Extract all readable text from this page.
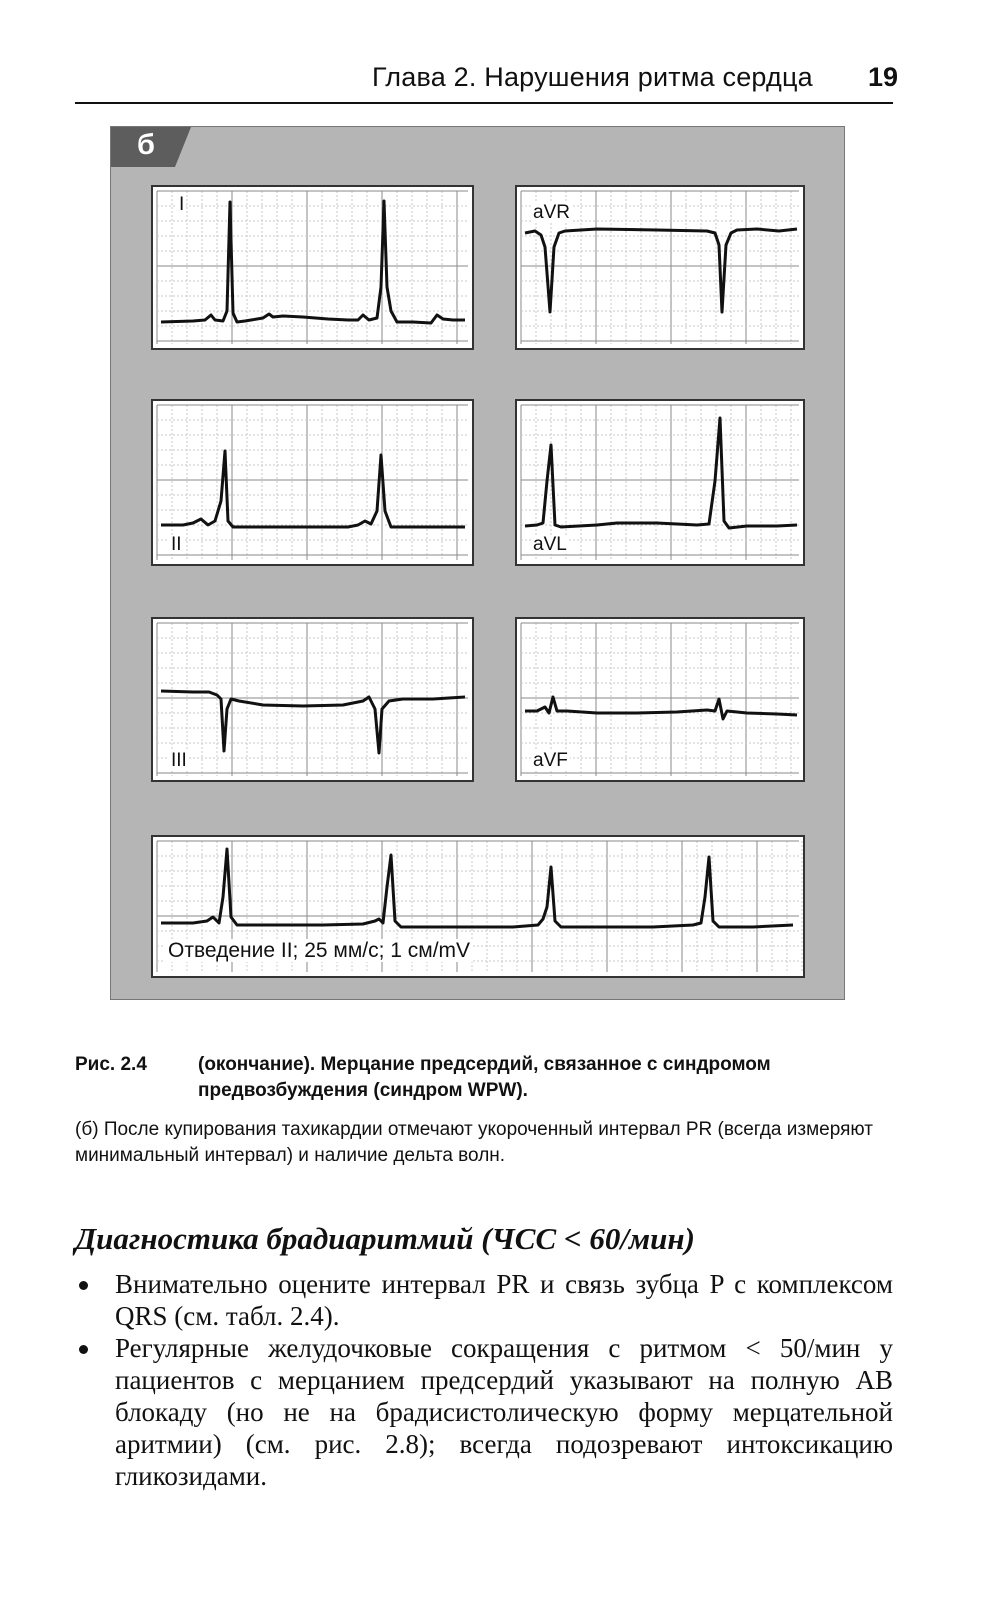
Глава 2. Нарушения ритма сердца 19
б
I	aVR
II	aVL
III	aVF
Отведение II; 25 мм/с; 1 см/mV
Рис. 2.4	(окончание). Мерцание предсердий, связанное с синдромом предвозбуждения (синдром WPW).
(б) После купирования тахикардии отмечают укороченный интервал PR (всегда измеряют минимальный интервал) и наличие дельта волн.
Диагностика брадиаритмий (ЧСС < 60/мин)
Внимательно оцените интервал PR и связь зубца P с комплексом QRS (см. табл. 2.4).
Регулярные желудочковые сокращения с ритмом < 50/мин у пациентов с мерцанием предсердий указывают на полную АВ блокаду (но не на брадисистолическую форму мерцательной аритмии) (см. рис. 2.8); всегда подозревают интоксикацию гликозидами.
